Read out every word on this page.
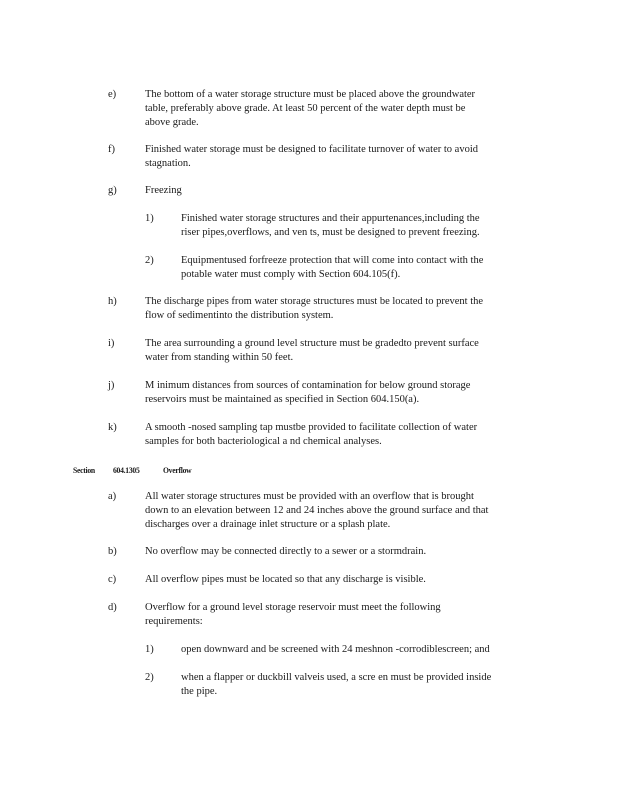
e)	The bottom of a water storage structure must be placed above the groundwater
table, preferably above grade. At least 50 percent of the water depth must be
above grade.
f)	Finished water storage must be designed to facilitate turnover of water to avoid
stagnation.
g)	Freezing
1)	Finished water storage structures and their appurtenances,including the
riser pipes,overflows, and ven ts, must be designed to prevent freezing.
2)	Equipmentused forfreeze protection that will come into contact with the
potable water must comply with Section 604.105(f).
h)	The discharge pipes from water storage structures must be located to prevent the
flow of sedimentinto the distribution system.
i)	The area surrounding a ground level structure must be gradedto prevent surface
water from standing within 50 feet.
j)	M inimum distances from sources of contamination for below ground storage
reservoirs must be maintained as specified in Section 604.150(a).
k)	A smooth -nosed sampling tap mustbe provided to facilitate collection of water
samples for both bacteriological a nd chemical analyses.
Section 604.1305	Overflow
a)	All water storage structures must be provided with an overflow that is brought
down to an elevation between 12 and 24 inches above the ground surface and that
discharges over a drainage inlet structure or a splash plate.
b)	No overflow may be connected directly to a sewer or a stormdrain.
c)	All overflow pipes must be located so that any discharge is visible.
d)	Overflow for a ground level storage reservoir must meet the following
requirements:
1)	open downward and be screened with 24 meshnon -corrodiblescreen; and
2)	when a flapper or duckbill valveis used, a scre en must be provided inside
the pipe.
